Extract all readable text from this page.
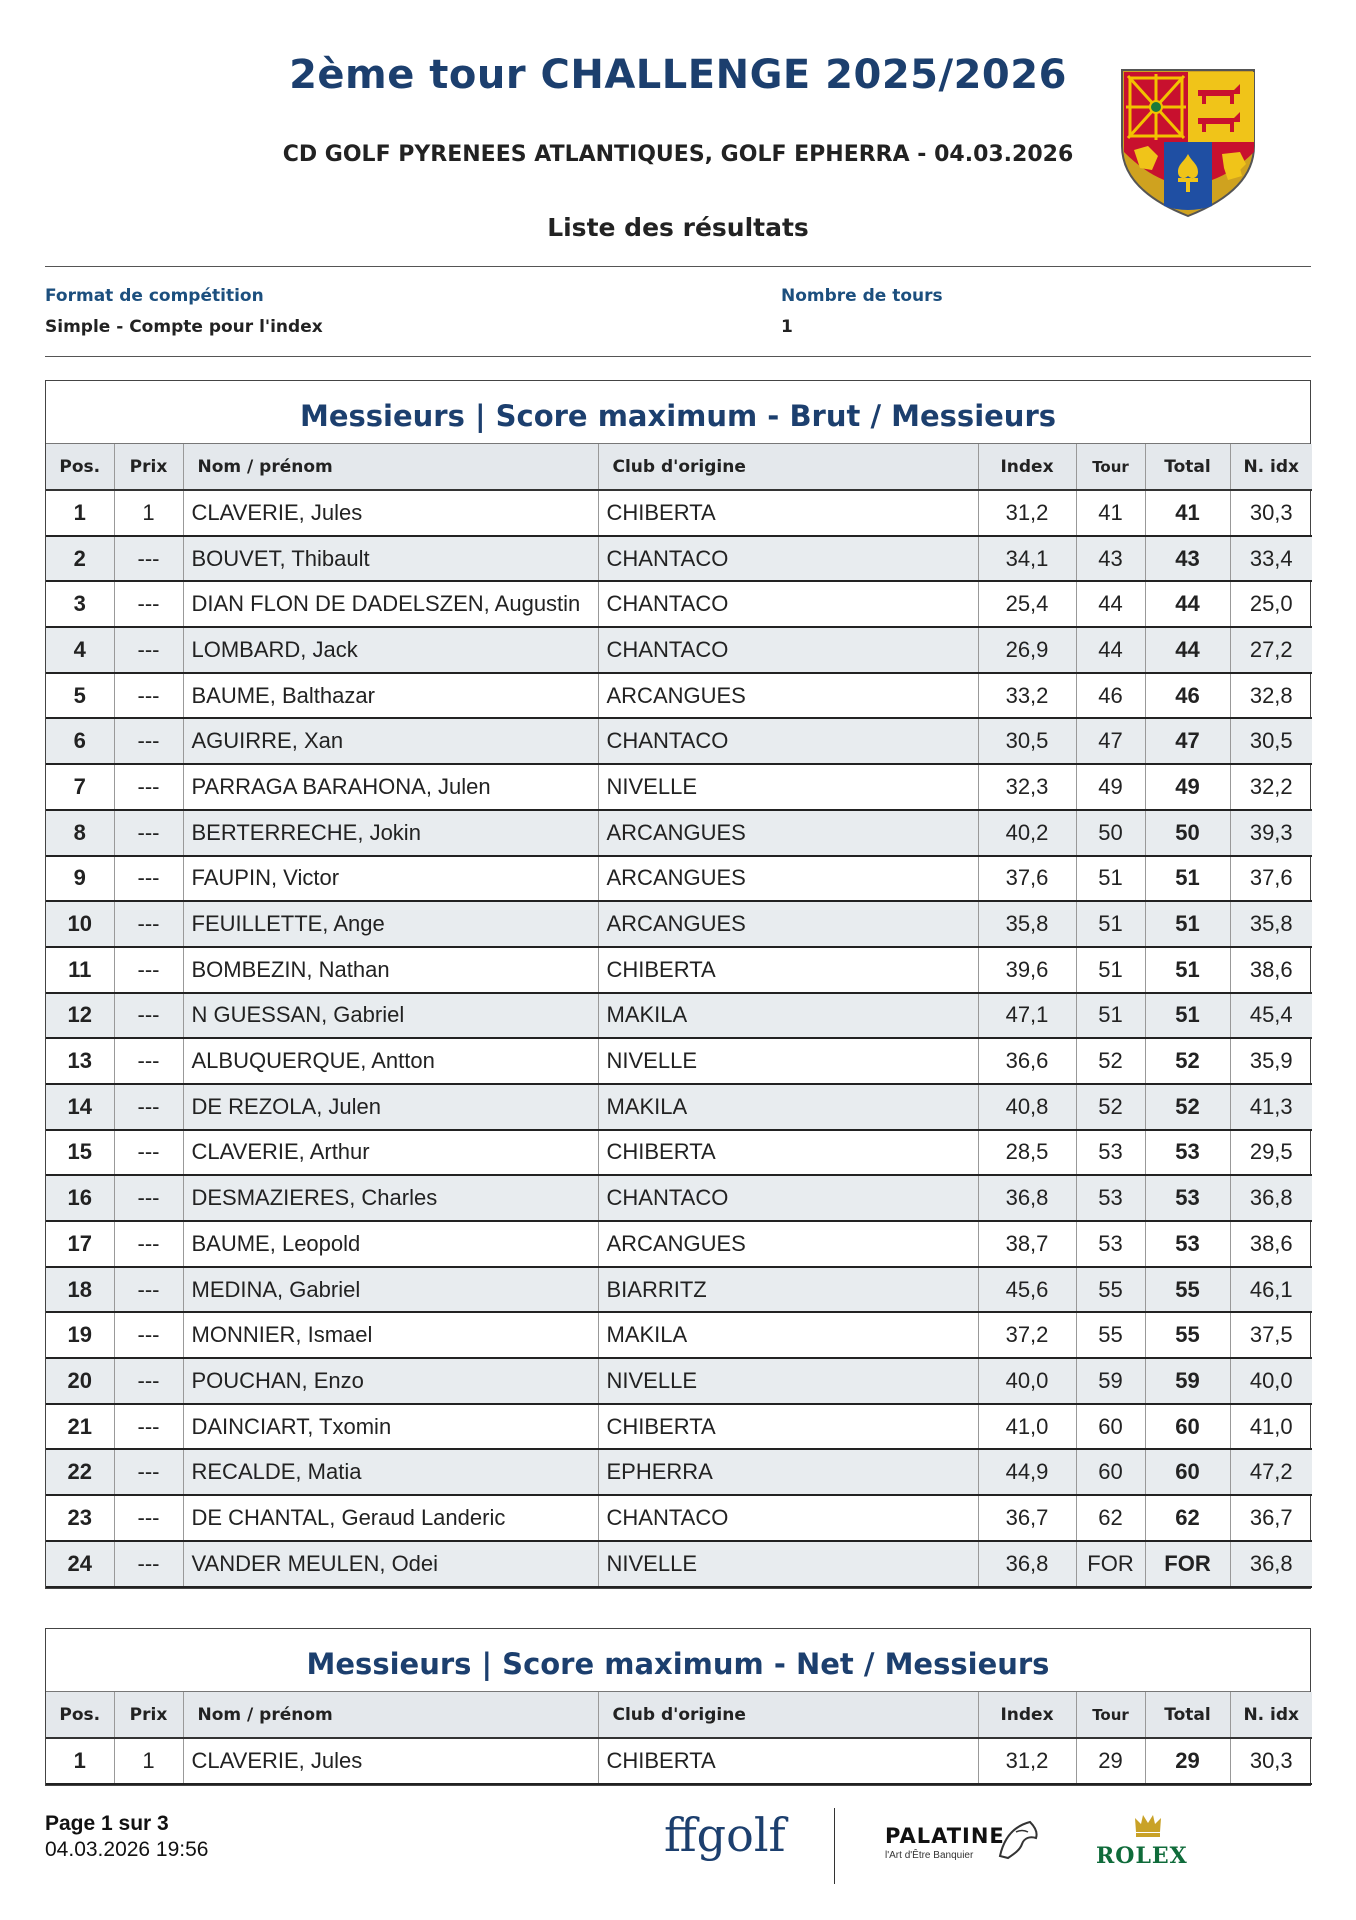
2ème tour CHALLENGE 2025/2026
CD GOLF PYRENEES ATLANTIQUES, GOLF EPHERRA - 04.03.2026
Liste des résultats
Format de compétition
Simple - Compte pour l'index
Nombre de tours
1
Messieurs | Score maximum - Brut / Messieurs
Pos.	Prix	Nom / prénom	Club d'origine	Index	Tour	Total	N. idx
1	1	CLAVERIE, Jules	CHIBERTA	31,2	41	41	30,3
2	---	BOUVET, Thibault	CHANTACO	34,1	43	43	33,4
3	---	DIAN FLON DE DADELSZEN, Augustin	CHANTACO	25,4	44	44	25,0
4	---	LOMBARD, Jack	CHANTACO	26,9	44	44	27,2
5	---	BAUME, Balthazar	ARCANGUES	33,2	46	46	32,8
6	---	AGUIRRE, Xan	CHANTACO	30,5	47	47	30,5
7	---	PARRAGA BARAHONA, Julen	NIVELLE	32,3	49	49	32,2
8	---	BERTERRECHE, Jokin	ARCANGUES	40,2	50	50	39,3
9	---	FAUPIN, Victor	ARCANGUES	37,6	51	51	37,6
10	---	FEUILLETTE, Ange	ARCANGUES	35,8	51	51	35,8
11	---	BOMBEZIN, Nathan	CHIBERTA	39,6	51	51	38,6
12	---	N GUESSAN, Gabriel	MAKILA	47,1	51	51	45,4
13	---	ALBUQUERQUE, Antton	NIVELLE	36,6	52	52	35,9
14	---	DE REZOLA, Julen	MAKILA	40,8	52	52	41,3
15	---	CLAVERIE, Arthur	CHIBERTA	28,5	53	53	29,5
16	---	DESMAZIERES, Charles	CHANTACO	36,8	53	53	36,8
17	---	BAUME, Leopold	ARCANGUES	38,7	53	53	38,6
18	---	MEDINA, Gabriel	BIARRITZ	45,6	55	55	46,1
19	---	MONNIER, Ismael	MAKILA	37,2	55	55	37,5
20	---	POUCHAN, Enzo	NIVELLE	40,0	59	59	40,0
21	---	DAINCIART, Txomin	CHIBERTA	41,0	60	60	41,0
22	---	RECALDE, Matia	EPHERRA	44,9	60	60	47,2
23	---	DE CHANTAL, Geraud Landeric	CHANTACO	36,7	62	62	36,7
24	---	VANDER MEULEN, Odei	NIVELLE	36,8	FOR	FOR	36,8
Messieurs | Score maximum - Net / Messieurs
Pos.	Prix	Nom / prénom	Club d'origine	Index	Tour	Total	N. idx
1	1	CLAVERIE, Jules	CHIBERTA	31,2	29	29	30,3
Page 1 sur 3
04.03.2026 19:56	ffgolf	PALATINE
l'Art d'Être Banquier	ROLEX
